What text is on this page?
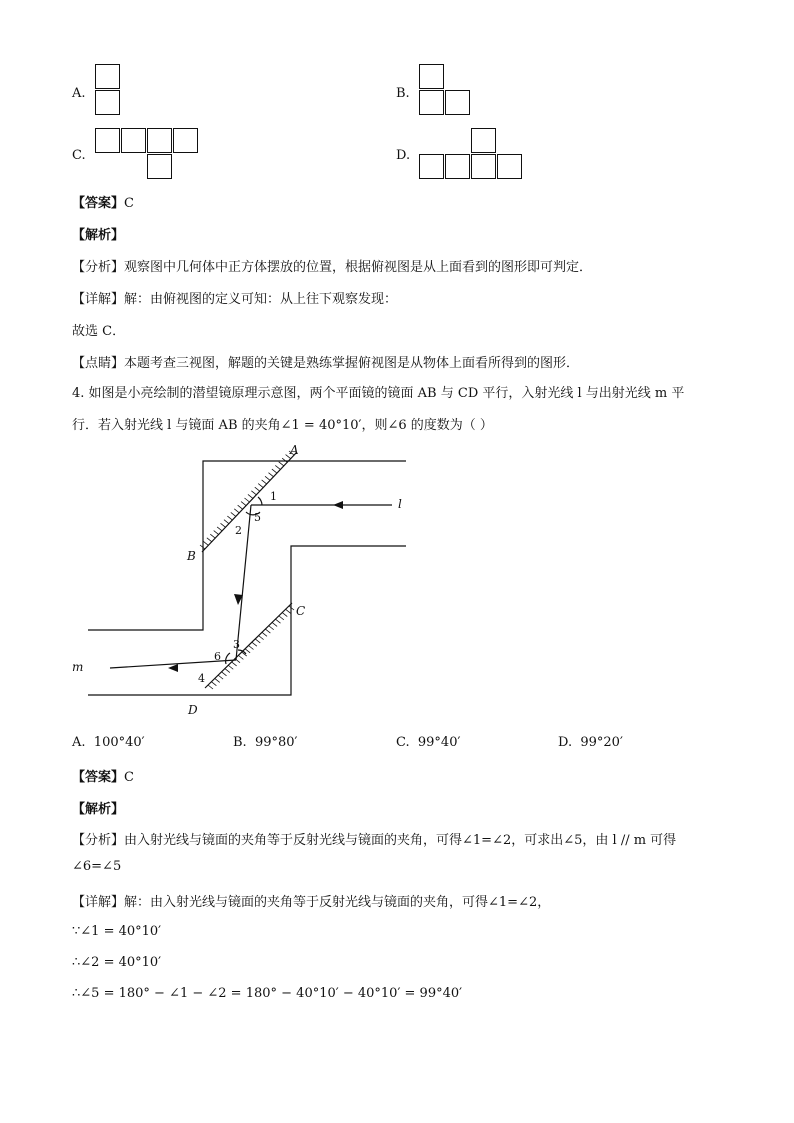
A.	B.
C.	D.
【答案】C
【解析】
【分析】观察图中几何体中正方体摆放的位置，根据俯视图是从上面看到的图形即可判定．
【详解】解：由俯视图的定义可知：从上往下观察发现：
故选 C．
【点睛】本题考查三视图，解题的关键是熟练掌握俯视图是从物体上面看所得到的图形．
4. 如图是小亮绘制的潜望镜原理示意图，两个平面镜的镜面 AB 与 CD 平行，入射光线 l 与出射光线 m 平
行．若入射光线 l 与镜面 AB 的夹角∠1 = 40°10′，则∠6 的度数为（ ）
A
B
C
D
l
m
1
2
3
4
5
6
A. 100°40′	B. 99°80′	C. 99°40′	D. 99°20′
【答案】C
【解析】
【分析】由入射光线与镜面的夹角等于反射光线与镜面的夹角，可得∠1=∠2，可求出∠5，由 l // m 可得
∠6=∠5
【详解】解：由入射光线与镜面的夹角等于反射光线与镜面的夹角，可得∠1=∠2，
∵∠1 = 40°10′
∴∠2 = 40°10′
∴∠5 = 180° − ∠1 − ∠2 = 180° − 40°10′ − 40°10′ = 99°40′
